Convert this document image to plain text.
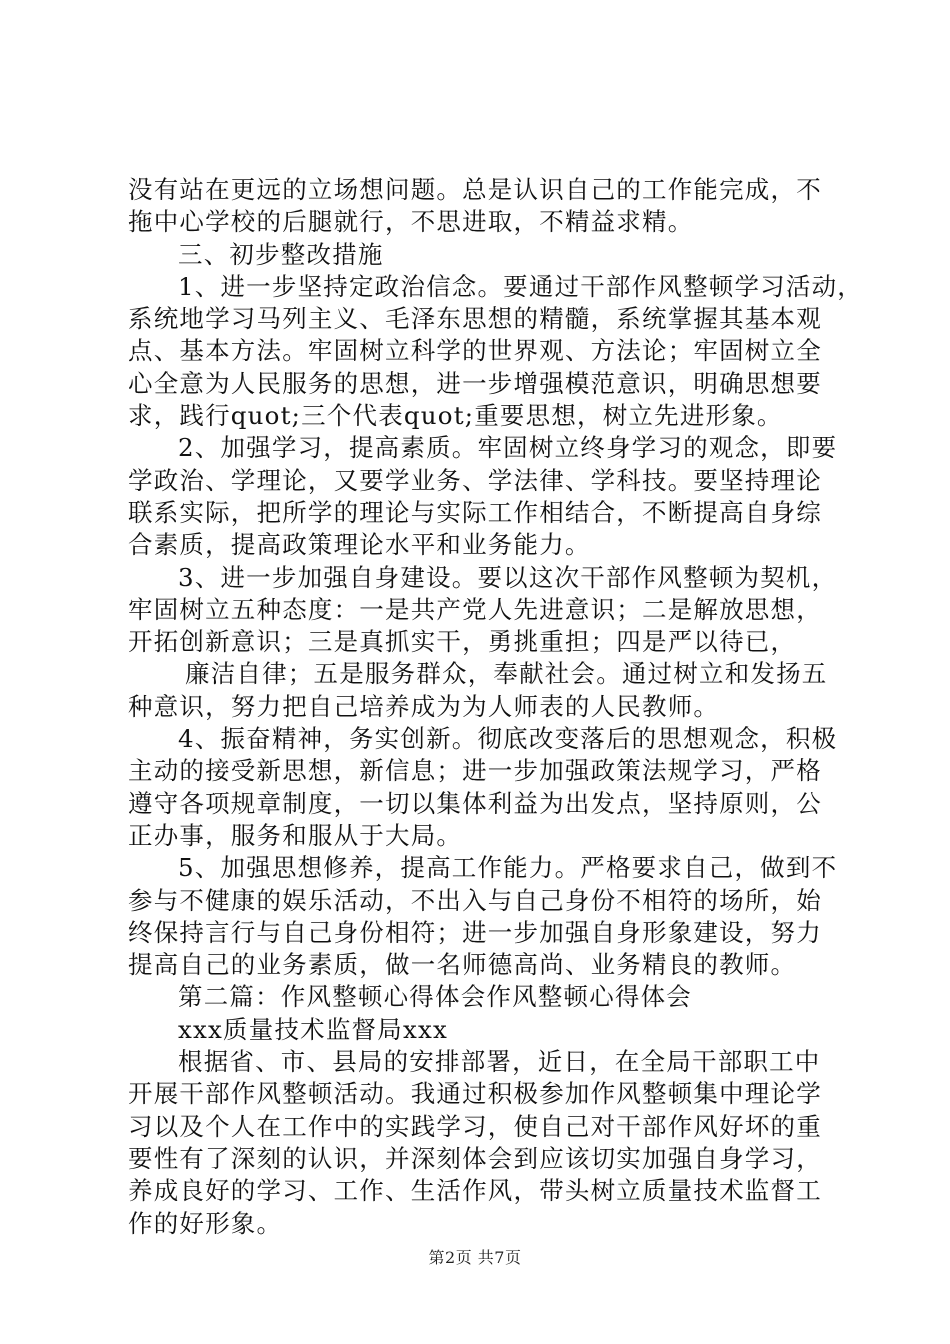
没有站在更远的立场想问题。总是认识自己的工作能完成，不
拖中心学校的后腿就行，不思进取，不精益求精。
三、初步整改措施
1、进一步坚持定政治信念。要通过干部作风整顿学习活动，
系统地学习马列主义、毛泽东思想的精髓，系统掌握其基本观
点、基本方法。牢固树立科学的世界观、方法论；牢固树立全
心全意为人民服务的思想，进一步增强模范意识，明确思想要
求，践行quot;三个代表quot;重要思想，树立先进形象。
2、加强学习，提高素质。牢固树立终身学习的观念，即要
学政治、学理论，又要学业务、学法律、学科技。要坚持理论
联系实际，把所学的理论与实际工作相结合，不断提高自身综
合素质，提高政策理论水平和业务能力。
3、进一步加强自身建设。要以这次干部作风整顿为契机，
牢固树立五种态度：一是共产党人先进意识；二是解放思想，
开拓创新意识；三是真抓实干，勇挑重担；四是严以待已，
廉洁自律；五是服务群众，奉献社会。通过树立和发扬五
种意识，努力把自己培养成为为人师表的人民教师。
4、振奋精神，务实创新。彻底改变落后的思想观念，积极
主动的接受新思想，新信息；进一步加强政策法规学习，严格
遵守各项规章制度，一切以集体利益为出发点，坚持原则，公
正办事，服务和服从于大局。
5、加强思想修养，提高工作能力。严格要求自己，做到不
参与不健康的娱乐活动，不出入与自己身份不相符的场所，始
终保持言行与自己身份相符；进一步加强自身形象建设，努力
提高自己的业务素质，做一名师德高尚、业务精良的教师。
第二篇：作风整顿心得体会作风整顿心得体会
xxx质量技术监督局xxx
根据省、市、县局的安排部署，近日，在全局干部职工中
开展干部作风整顿活动。我通过积极参加作风整顿集中理论学
习以及个人在工作中的实践学习，使自己对干部作风好坏的重
要性有了深刻的认识，并深刻体会到应该切实加强自身学习，
养成良好的学习、工作、生活作风，带头树立质量技术监督工
作的好形象。
第2页 共7页
